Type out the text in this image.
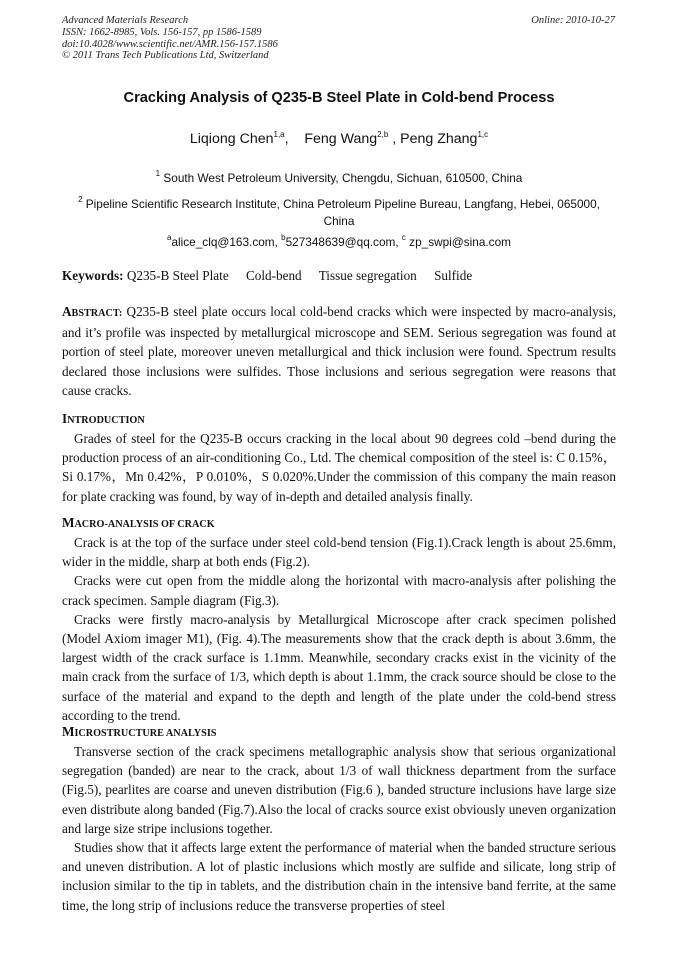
Advanced Materials Research
ISSN: 1662-8985, Vols. 156-157, pp 1586-1589
doi:10.4028/www.scientific.net/AMR.156-157.1586
© 2011 Trans Tech Publications Ltd, Switzerland
Online: 2010-10-27
Cracking Analysis of Q235-B Steel Plate in Cold-bend Process
Liqiong Chen$^{1,a}$,    Feng Wang$^{2,b}$ , Peng Zhang$^{1,c}$
$^1$ South West Petroleum University, Chengdu, Sichuan, 610500, China
$^2$ Pipeline Scientific Research Institute, China Petroleum Pipeline Bureau, Langfang, Hebei, 065000, China
$^a$alice_clq@163.com, $^b$527348639@qq.com, $^c$ zp_swpi@sina.com
Keywords: Q235-B Steel Plate Cold-bend Tissue segregation Sulfide
ABSTRACT: Q235-B steel plate occurs local cold-bend cracks which were inspected by macro-analysis, and it’s profile was inspected by metallurgical microscope and SEM. Serious segregation was found at portion of steel plate, moreover uneven metallurgical and thick inclusion were found. Spectrum results declared those inclusions were sulfides. Those inclusions and serious segregation were reasons that cause cracks.
INTRODUCTION

Grades of steel for the Q235-B occurs cracking in the local about 90 degrees cold –bend during the production process of an air-conditioning Co., Ltd. The chemical composition of the steel is: C 0.15%，Si 0.17%，Mn 0.42%，P 0.010%，S 0.020%.Under the commission of this company the main reason for plate cracking was found, by way of in-depth and detailed analysis finally.

MACRO-ANALYSIS OF CRACK

Crack is at the top of the surface under steel cold-bend tension (Fig.1).Crack length is about 25.6mm, wider in the middle, sharp at both ends (Fig.2).

Cracks were cut open from the middle along the horizontal with macro-analysis after polishing the crack specimen. Sample diagram (Fig.3).

Cracks were firstly macro-analysis by Metallurgical Microscope after crack specimen polished (Model Axiom imager M1), (Fig. 4).The measurements show that the crack depth is about 3.6mm, the largest width of the crack surface is 1.1mm. Meanwhile, secondary cracks exist in the vicinity of the main crack from the surface of 1/3, which depth is about 1.1mm, the crack source should be close to the surface of the material and expand to the depth and length of the plate under the cold-bend stress according to the trend.

MICROSTRUCTURE ANALYSIS

Transverse section of the crack specimens metallographic analysis show that serious organizational segregation (banded) are near to the crack, about 1/3 of wall thickness department from the surface (Fig.5), pearlites are coarse and uneven distribution (Fig.6 ), banded structure inclusions have large size even distribute along banded (Fig.7).Also the local of cracks source exist obviously uneven organization and large size stripe inclusions together.

Studies show that it affects large extent the performance of material when the banded structure serious and uneven distribution. A lot of plastic inclusions which mostly are sulfide and silicate, long strip of inclusion similar to the tip in tablets, and the distribution chain in the intensive band ferrite, at the same time, the long strip of inclusions reduce the transverse properties of steel
